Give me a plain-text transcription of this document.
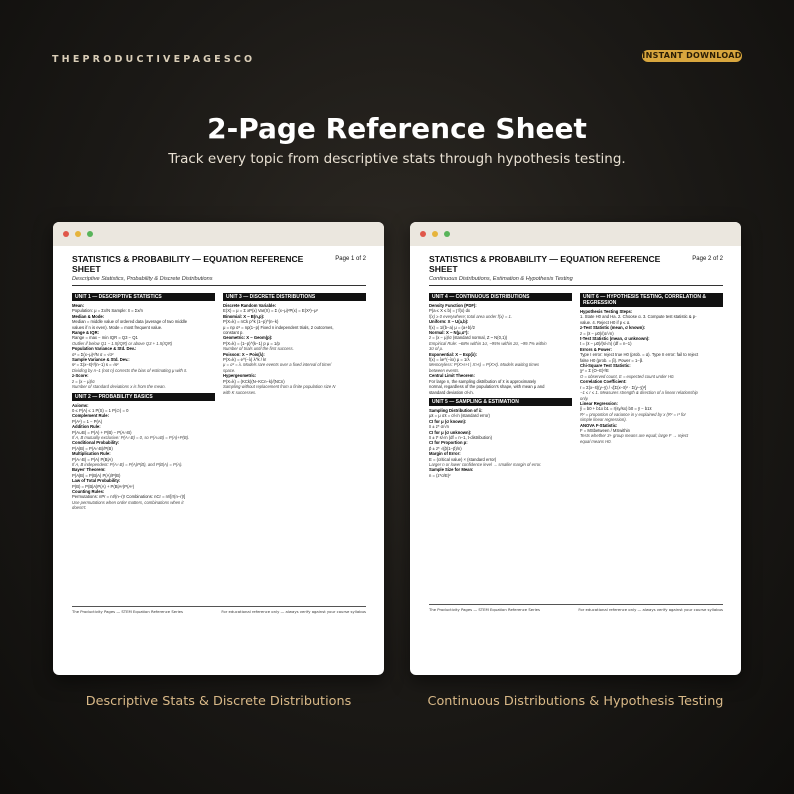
THEPRODUCTIVEPAGESCO	INSTANT DOWNLOAD
2-Page Reference Sheet
Track every topic from descriptive stats through hypothesis testing.
STATISTICS & PROBABILITY — EQUATION REFERENCE SHEET
Page 1 of 2
Descriptive Statistics, Probability & Discrete Distributions
UNIT 1 — DESCRIPTIVE STATISTICS
Mean:
Population: μ = Σx/N Sample: x̄ = Σx/n
Median & Mode:
Median = middle value of ordered data (average of two middle
values if n is even). Mode = most frequent value.
Range & IQR:
Range = max − min IQR = Q3 − Q1
Outlier if below Q1 − 1.5(IQR) or above Q3 + 1.5(IQR)
Population Variance & Std. Dev.:
σ² = Σ(x−μ)²/N σ = √σ²
Sample Variance & Std. Dev.:
s² = Σ(x−x̄)²/(n−1) s = √s²
Dividing by n−1 (not n) corrects the bias of estimating μ with x̄.
z-Score:
z = (x − μ)/σ
Number of standard deviations x is from the mean.
UNIT 2 — PROBABILITY BASICS
Axioms:
0 ≤ P(A) ≤ 1 P(S) = 1 P(∅) = 0
Complement Rule:
P(Aᶜ) = 1 − P(A)
Addition Rule:
P(A∪B) = P(A) + P(B) − P(A∩B)
If A, B mutually exclusive: P(A∩B) = 0, so P(A∪B) = P(A)+P(B).
Conditional Probability:
P(A|B) = P(A∩B)/P(B)
Multiplication Rule:
P(A∩B) = P(A) P(B|A)
If A, B independent: P(A∩B) = P(A)P(B), and P(B|A) = P(A).
Bayes' Theorem:
P(A|B) = P(B|A) P(A)/P(B)
Law of Total Probability:
P(B) = P(B|A)P(A) + P(B|Aᶜ)P(Aᶜ)
Counting Rules:
Permutations: nPr = n!/(n−r)! Combinations: nCr = n!/[r!(n−r)!]
Use permutations when order matters, combinations when it
doesn't.
UNIT 3 — DISCRETE DISTRIBUTIONS
Discrete Random Variable:
E(X) = μ = Σ xP(x) Var(X) = Σ (x−μ)²P(x) = E(X²)−μ²
Binomial: X ~ B(n,p):
P(X=k) = nCk p^k (1−p)^(n−k)
μ = np σ² = np(1−p) Fixed n independent trials, 2 outcomes,
constant p.
Geometric: X ~ Geom(p):
P(X=k) = (1−p)^(k−1) p μ = 1/p
Number of trials until the first success.
Poisson: X ~ Pois(λ):
P(X=k) = e^(−λ) λ^k / k!
μ = σ² = λ. Models rare events over a fixed interval of time/
space.
Hypergeometric:
P(X=k) = (KCk)(N−KCn−k)/(NCn)
Sampling without replacement from a finite population size N
with K successes.
The Productivity Pages — STEM Equation Reference Series	For educational reference only — always verify against your course syllabus
STATISTICS & PROBABILITY — EQUATION REFERENCE SHEET
Page 2 of 2
Continuous Distributions, Estimation & Hypothesis Testing
UNIT 4 — CONTINUOUS DISTRIBUTIONS
Density Function (PDF):
P(a ≤ X ≤ b) = ∫ f(x) dx
f(x) ≥ 0 everywhere; total area under f(x) = 1.
Uniform: X ~ U(a,b):
f(x) = 1/(b−a) μ = (a+b)/2
Normal: X ~ N(μ,σ²):
z = (x − μ)/σ (standard normal, Z ~ N(0,1))
Empirical Rule: ~68% within 1σ, ~95% within 2σ, ~99.7% within
3σ of μ.
Exponential: X ~ Exp(λ):
f(x) = λe^(−λx) μ = 1/λ
Memoryless: P(X>s+t | X>s) = P(X>t). Models waiting times
between events.
Central Limit Theorem:
For large n, the sampling distribution of x̄ is approximately
normal, regardless of the population's shape, with mean μ and
standard deviation σ/√n.
UNIT 5 — SAMPLING & ESTIMATION
Sampling Distribution of x̄:
μx̄ = μ σx̄ = σ/√n (standard error)
CI for μ (σ known):
x̄ ± z* σ/√n
CI for μ (σ unknown):
x̄ ± t* s/√n (df = n−1, t-distribution)
CI for Proportion p:
p̂ ± z* √(p̂(1−p̂)/n)
Margin of Error:
E = (critical value) × (standard error)
Larger n or lower confidence level → smaller margin of error.
Sample Size for Mean:
n = (z*σ/E)²
UNIT 6 — HYPOTHESIS TESTING, CORRELATION & REGRESSION
Hypothesis Testing Steps:
1. State H0 and Ha. 2. Choose α. 3. Compute test statistic & p-
value. 4. Reject H0 if p ≤ α.
z-Test Statistic (mean, σ known):
z = (x̄ − μ0)/(σ/√n)
t-Test Statistic (mean, σ unknown):
t = (x̄ − μ0)/(s/√n) (df = n−1)
Errors & Power:
Type I error: reject true H0 (prob. = α). Type II error: fail to reject
false H0 (prob. = β). Power = 1−β.
Chi-Square Test Statistic:
χ² = Σ (O−E)²/E
O = observed count, E = expected count under H0.
Correlation Coefficient:
r = Σ(x−x̄)(y−ȳ) / √[Σ(x−x̄)² · Σ(y−ȳ)²]
−1 ≤ r ≤ 1. Measures strength & direction of a linear relationship
only.
Linear Regression:
ŷ = b0 + b1x b1 = r(sy/sx) b0 = ȳ − b1x̄
R² = proportion of variance in y explained by x (R² = r² for
simple linear regression).
ANOVA F-Statistic:
F = MSbetween / MSwithin
Tests whether 3+ group means are equal; large F → reject
equal means H0.
The Productivity Pages — STEM Equation Reference Series	For educational reference only — always verify against your course syllabus
Descriptive Stats & Discrete Distributions	Continuous Distributions & Hypothesis Testing
